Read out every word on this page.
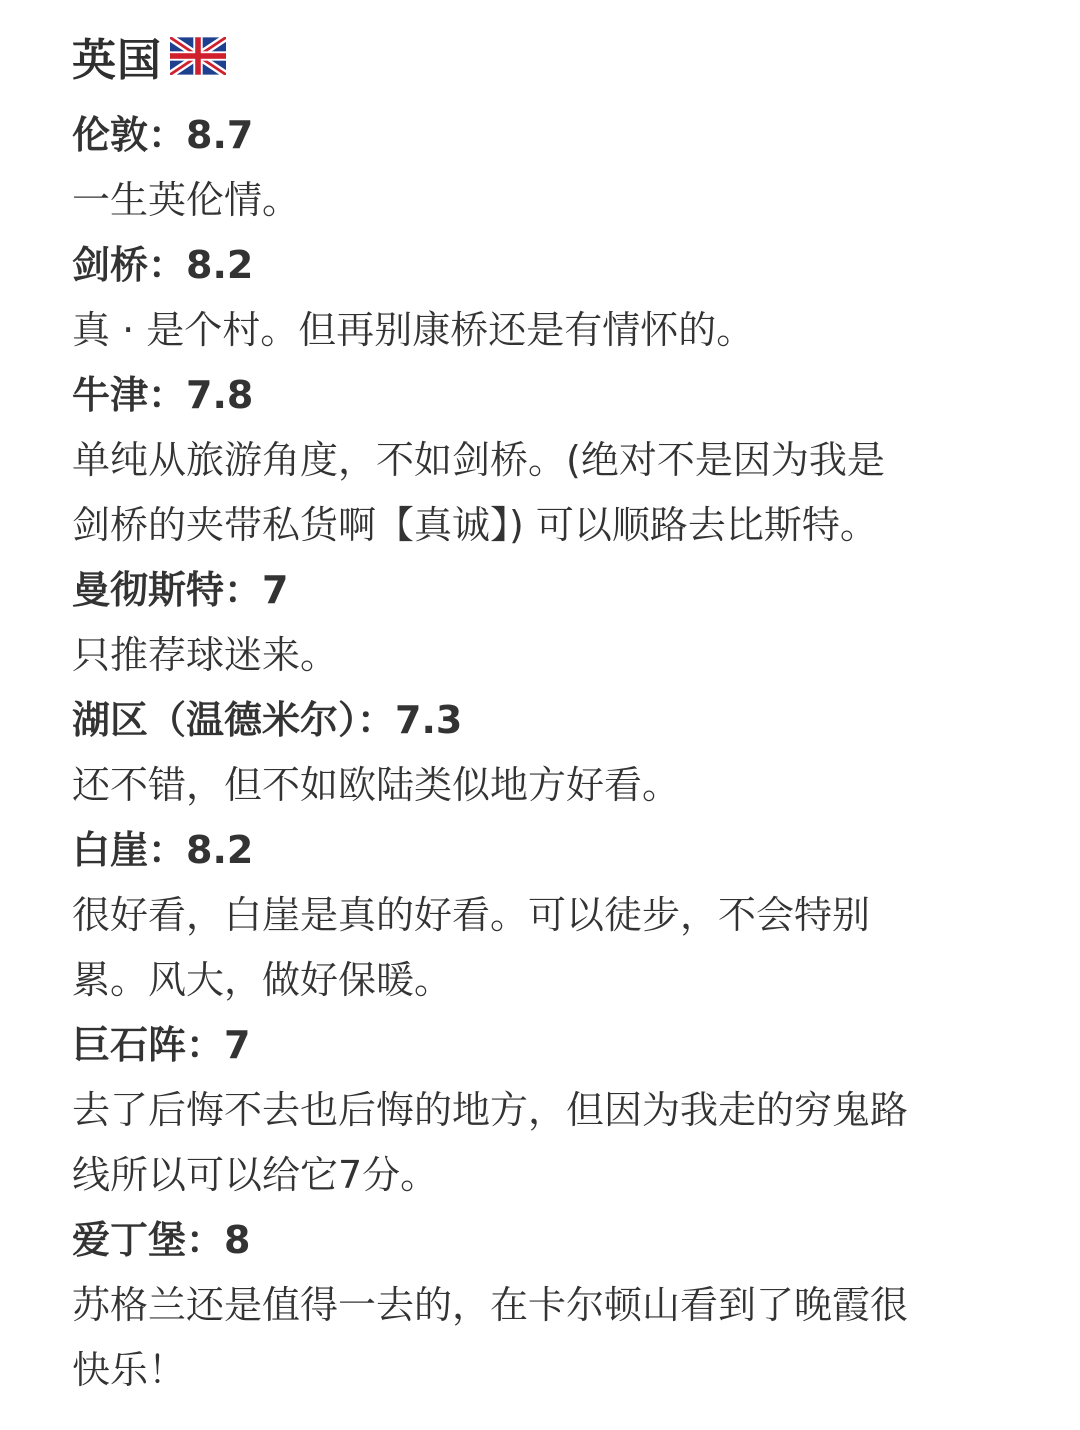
英国
伦敦：8.7
一生英伦情。
剑桥：8.2
真 · 是个村。但再别康桥还是有情怀的。
牛津：7.8
单纯从旅游角度，不如剑桥。(绝对不是因为我是
剑桥的夹带私货啊【真诚】) 可以顺路去比斯特。
曼彻斯特：7
只推荐球迷来。
湖区（温德米尔）：7.3
还不错，但不如欧陆类似地方好看。
白崖：8.2
很好看，白崖是真的好看。可以徒步，不会特别
累。风大，做好保暖。
巨石阵：7
去了后悔不去也后悔的地方，但因为我走的穷鬼路
线所以可以给它7分。
爱丁堡：8
苏格兰还是值得一去的，在卡尔顿山看到了晚霞很
快乐！
